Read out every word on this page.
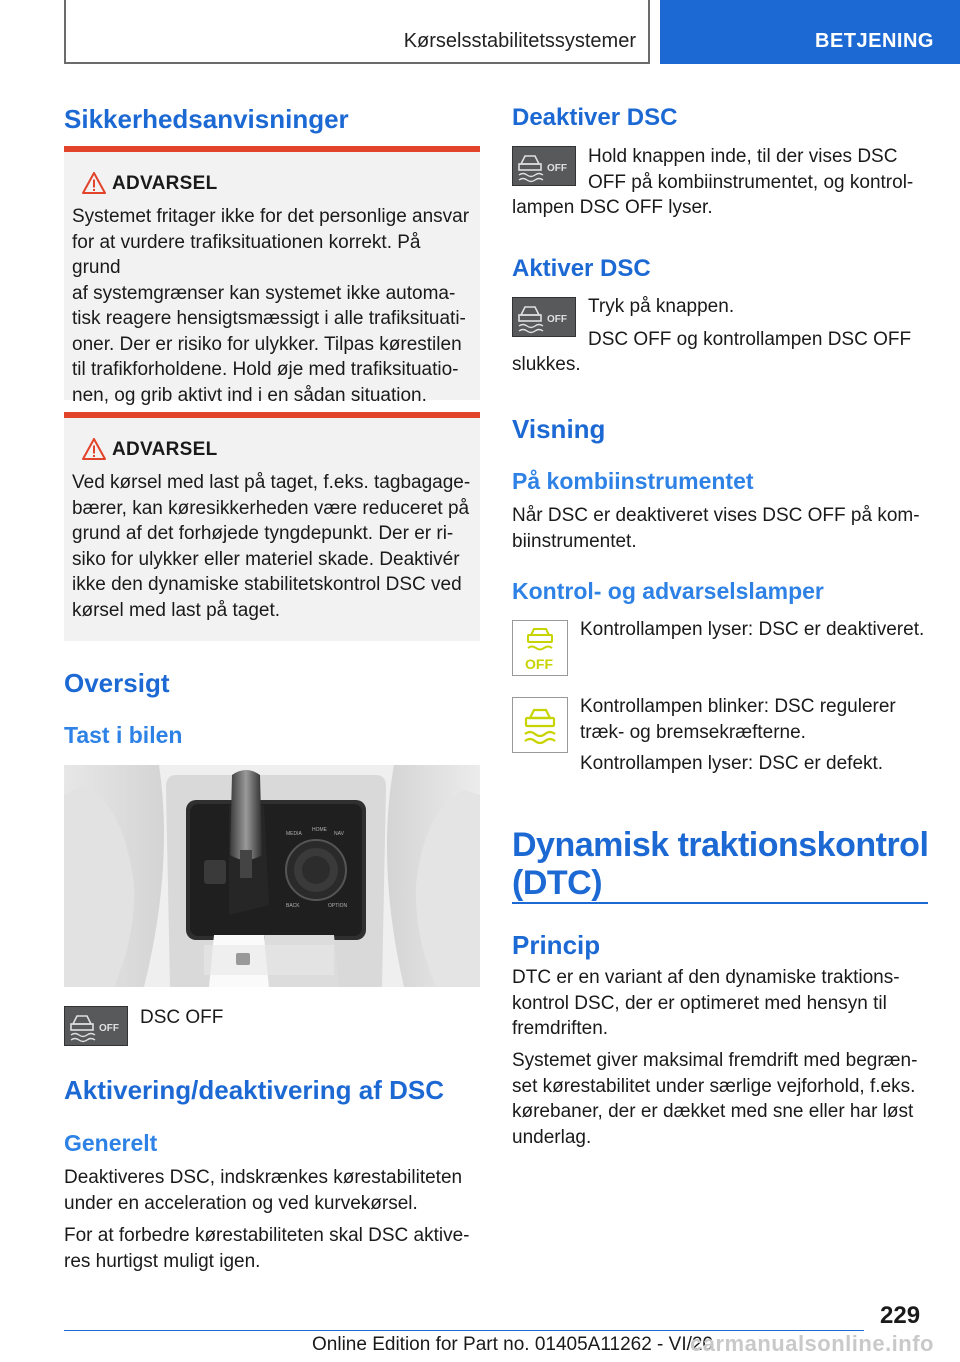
Kørselsstabilitetssystemer	BETJENING
Sikkerhedsanvisninger
ADVARSEL
Systemet fritager ikke for det personlige ansvar
for at vurdere trafiksituationen korrekt. På grund
af systemgrænser kan systemet ikke automa-
tisk reagere hensigtsmæssigt i alle trafiksituati-
oner. Der er risiko for ulykker. Tilpas kørestilen
til trafikforholdene. Hold øje med trafiksituatio-
nen, og grib aktivt ind i en sådan situation.
ADVARSEL
Ved kørsel med last på taget, f.eks. tagbagage-
bærer, kan køresikkerheden være reduceret på
grund af det forhøjede tyngdepunkt. Der er ri-
siko for ulykker eller materiel skade. Deaktivér
ikke den dynamiske stabilitetskontrol DSC ved
kørsel med last på taget.
Oversigt
Tast i bilen
MEDIA
HOME
NAV
BACK	OPTION
OFF
DSC OFF
Aktivering/deaktivering af DSC
Generelt
Deaktiveres DSC, indskrænkes kørestabiliteten
under en acceleration og ved kurvekørsel.
For at forbedre kørestabiliteten skal DSC aktive-
res hurtigst muligt igen.
Deaktiver DSC
OFF
Hold knappen inde, til der vises DSC
OFF på kombiinstrumentet, og kontrol-
lampen DSC OFF lyser.
Aktiver DSC
OFF
Tryk på knappen.
DSC OFF og kontrollampen DSC OFF
slukkes.
Visning
På kombiinstrumentet
Når DSC er deaktiveret vises DSC OFF på kom-
biinstrumentet.
Kontrol- og advarselslamper
OFF
Kontrollampen lyser: DSC er deaktiveret.
Kontrollampen blinker: DSC regulerer
træk- og bremsekræfterne.
Kontrollampen lyser: DSC er defekt.
Dynamisk traktionskontrol
(DTC)
Princip
DTC er en variant af den dynamiske traktions-
kontrol DSC, der er optimeret med hensyn til
fremdriften.
Systemet giver maksimal fremdrift med begræn-
set kørestabilitet under særlige vejforhold, f.eks.
kørebaner, der er dækket med sne eller har løst
underlag.
229
Online Edition for Part no. 01405A11262 - VI/20
carmanualsonline.info
